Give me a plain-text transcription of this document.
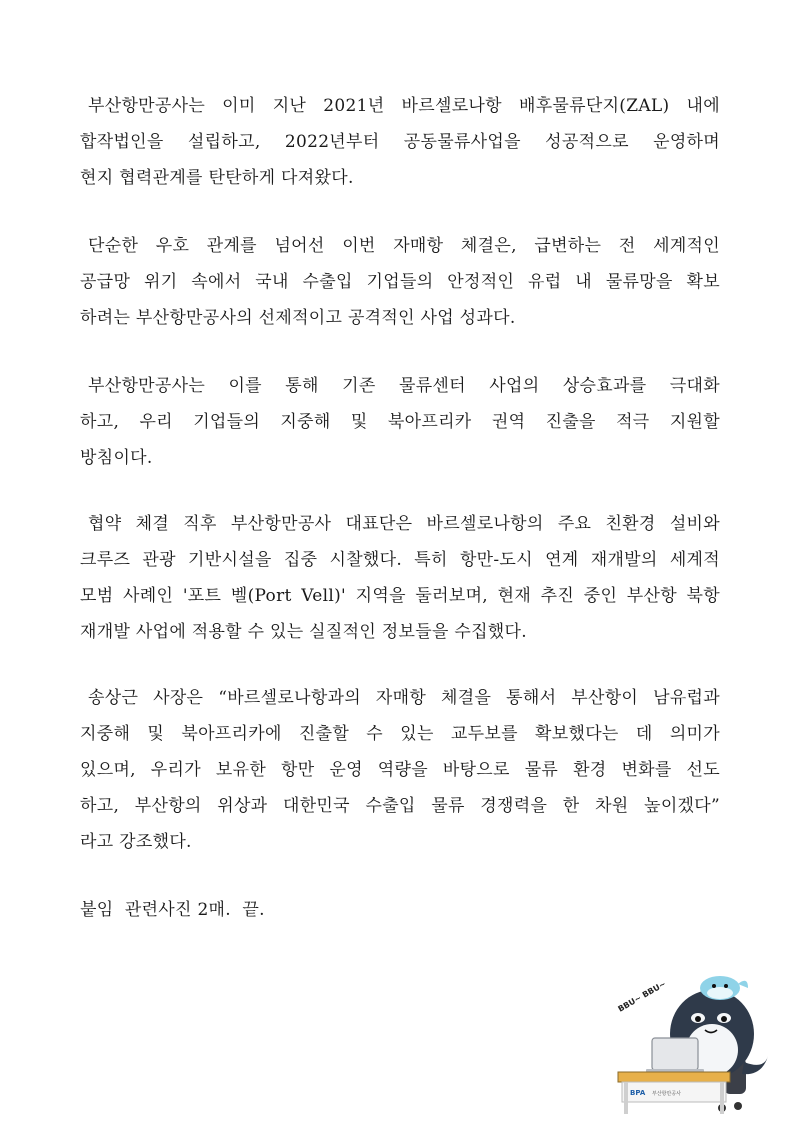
부산항만공사는 이미 지난 2021년 바르셀로나항 배후물류단지(ZAL) 내에
합작법인을 설립하고, 2022년부터 공동물류사업을 성공적으로 운영하며
현지 협력관계를 탄탄하게 다져왔다.
단순한 우호 관계를 넘어선 이번 자매항 체결은, 급변하는 전 세계적인
공급망 위기 속에서 국내 수출입 기업들의 안정적인 유럽 내 물류망을 확보
하려는 부산항만공사의 선제적이고 공격적인 사업 성과다.
부산항만공사는 이를 통해 기존 물류센터 사업의 상승효과를 극대화
하고, 우리 기업들의 지중해 및 북아프리카 권역 진출을 적극 지원할
방침이다.
협약 체결 직후 부산항만공사 대표단은 바르셀로나항의 주요 친환경 설비와
크루즈 관광 기반시설을 집중 시찰했다. 특히 항만-도시 연계 재개발의 세계적
모범 사례인 '포트 벨(Port Vell)' 지역을 둘러보며, 현재 추진 중인 부산항 북항
재개발 사업에 적용할 수 있는 실질적인 정보들을 수집했다.
송상근 사장은 “바르셀로나항과의 자매항 체결을 통해서 부산항이 남유럽과
지중해 및 북아프리카에 진출할 수 있는 교두보를 확보했다는 데 의미가
있으며, 우리가 보유한 항만 운영 역량을 바탕으로 물류 환경 변화를 선도
하고, 부산항의 위상과 대한민국 수출입 물류 경쟁력을 한 차원 높이겠다”
라고 강조했다.
붙임  관련사진 2매.  끝.
BBU~ BBU~
BPA 부산항만공사
